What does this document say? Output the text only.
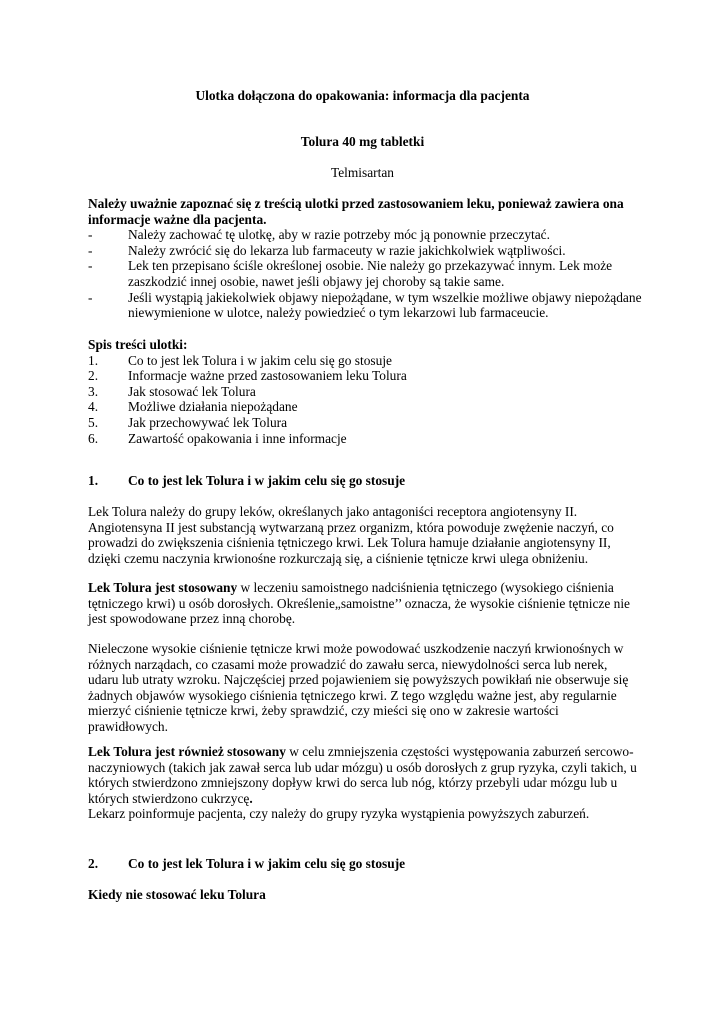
Ulotka dołączona do opakowania: informacja dla pacjenta
Tolura 40 mg tabletki
Telmisartan
Należy uważnie zapoznać się z treścią ulotki przed zastosowaniem leku, ponieważ zawiera ona
informacje ważne dla pacjenta.
-	Należy zachować tę ulotkę, aby w razie potrzeby móc ją ponownie przeczytać.
-	Należy zwrócić się do lekarza lub farmaceuty w razie jakichkolwiek wątpliwości.
-	Lek ten przepisano ściśle określonej osobie. Nie należy go przekazywać innym. Lek może
zaszkodzić innej osobie, nawet jeśli objawy jej choroby są takie same.
-	Jeśli wystąpią jakiekolwiek objawy niepożądane, w tym wszelkie możliwe objawy niepożądane
niewymienione w ulotce, należy powiedzieć o tym lekarzowi lub farmaceucie.
Spis treści ulotki:
1. Co to jest lek Tolura i w jakim celu się go stosuje
2. Informacje ważne przed zastosowaniem leku Tolura
3. Jak stosować lek Tolura
4. Możliwe działania niepożądane
5. Jak przechowywać lek Tolura
6. Zawartość opakowania i inne informacje
1. Co to jest lek Tolura i w jakim celu się go stosuje
Lek Tolura należy do grupy leków, określanych jako antagoniści receptora angiotensyny II.
Angiotensyna II jest substancją wytwarzaną przez organizm, która powoduje zwężenie naczyń, co
prowadzi do zwiększenia ciśnienia tętniczego krwi. Lek Tolura hamuje działanie angiotensyny II,
dzięki czemu naczynia krwionośne rozkurczają się, a ciśnienie tętnicze krwi ulega obniżeniu.
Lek Tolura jest stosowany w leczeniu samoistnego nadciśnienia tętniczego (wysokiego ciśnienia
tętniczego krwi) u osób dorosłych. Określenie„samoistne’’ oznacza, że wysokie ciśnienie tętnicze nie
jest spowodowane przez inną chorobę.
Nieleczone wysokie ciśnienie tętnicze krwi może powodować uszkodzenie naczyń krwionośnych w
różnych narządach, co czasami może prowadzić do zawału serca, niewydolności serca lub nerek,
udaru lub utraty wzroku. Najczęściej przed pojawieniem się powyższych powikłań nie obserwuje się
żadnych objawów wysokiego ciśnienia tętniczego krwi. Z tego względu ważne jest, aby regularnie
mierzyć ciśnienie tętnicze krwi, żeby sprawdzić, czy mieści się ono w zakresie wartości
prawidłowych.
Lek Tolura jest również stosowany w celu zmniejszenia częstości występowania zaburzeń sercowo-
naczyniowych (takich jak zawał serca lub udar mózgu) u osób dorosłych z grup ryzyka, czyli takich, u
których stwierdzono zmniejszony dopływ krwi do serca lub nóg, którzy przebyli udar mózgu lub u
których stwierdzono cukrzycę.
Lekarz poinformuje pacjenta, czy należy do grupy ryzyka wystąpienia powyższych zaburzeń.
2. Co to jest lek Tolura i w jakim celu się go stosuje
Kiedy nie stosować leku Tolura
